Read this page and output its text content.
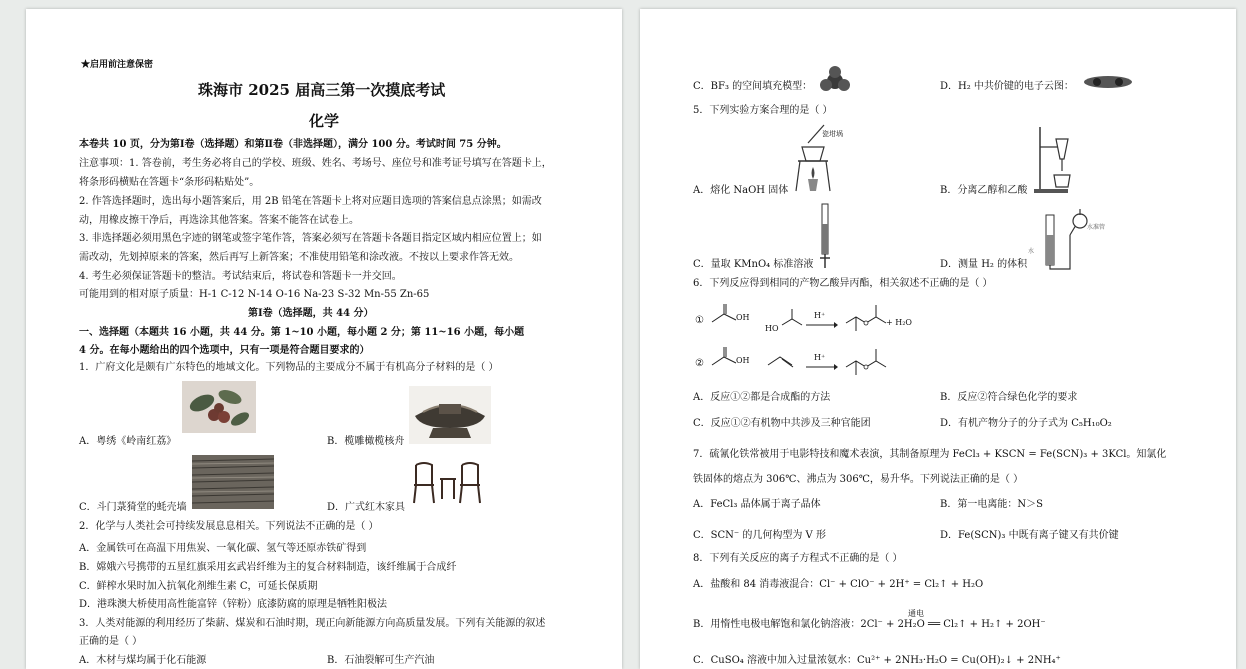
★启用前注意保密
珠海市 2025 届高三第一次摸底考试
化学
本卷共 10 页，分为第Ⅰ卷（选择题）和第Ⅱ卷（非选择题），满分 100 分。考试时间 75 分钟。
注意事项：1. 答卷前，考生务必将自己的学校、班级、姓名、考场号、座位号和准考证号填写在答题卡上，
将条形码横贴在答题卡“条形码粘贴处”。
2. 作答选择题时，选出每小题答案后，用 2B 铅笔在答题卡上将对应题目选项的答案信息点涂黑；如需改
动，用橡皮擦干净后，再选涂其他答案。答案不能答在试卷上。
3. 非选择题必须用黑色字迹的钢笔或签字笔作答，答案必须写在答题卡各题目指定区域内相应位置上；如
需改动，先划掉原来的答案，然后再写上新答案；不准使用铅笔和涂改液。不按以上要求作答无效。
4. 考生必须保证答题卡的整洁。考试结束后，将试卷和答题卡一并交回。
可能用到的相对原子质量：H-1 C-12 N-14 O-16 Na-23 S-32 Mn-55 Zn-65
第Ⅰ卷（选择题，共 44 分）
一、选择题（本题共 16 小题，共 44 分。第 1~10 小题，每小题 2 分；第 11~16 小题，每小题
4 分。在每小题给出的四个选项中，只有一项是符合题目要求的）
1．广府文化是颇有广东特色的地域文化。下列物品的主要成分不属于有机高分子材料的是（ ）
A．粤绣《岭南红荔》	B．榄雕橄榄核舟
C．斗门菉猗堂的蚝壳墙	D．广式红木家具
2．化学与人类社会可持续发展息息相关。下列说法不正确的是（ ）
A．金属铁可在高温下用焦炭、一氧化碳、氢气等还原赤铁矿得到
B．嫦娥六号携带的五星红旗采用玄武岩纤维为主的复合材料制造，该纤维属于合成纤
C．鲜榨水果时加入抗氧化剂维生素 C，可延长保质期
D．港珠澳大桥使用高性能富锌（锌粉）底漆防腐的原理是牺牲阳极法
3．人类对能源的利用经历了柴薪、煤炭和石油时期，现正向新能源方向高质量发展。下列有关能源的叙述
正确的是（ ）
A．木材与煤均属于化石能源	B．石油裂解可生产汽油
C．BF₃ 的空间填充模型：	D．H₂ 中共价键的电子云图：
5．下列实验方案合理的是（ ）
瓷坩埚
A．熔化 NaOH 固体	B．分离乙醇和乙酸
C．量取 KMnO₄ 标准溶液
水
水准管
D．测量 H₂ 的体积
6．下列反应得到相同的产物乙酸异丙酯，相关叙述不正确的是（ ）
①	OH
HO
H⁺
+ H₂O
②	OH	H⁺
A．反应①②都是合成酯的方法	B．反应②符合绿色化学的要求
C．反应①②有机物中共涉及三种官能团	D．有机产物分子的分子式为 C₅H₁₀O₂
7．硫氰化铁常被用于电影特技和魔术表演，其制备原理为 FeCl₃ + KSCN = Fe(SCN)₃ + 3KCl。知氯化
铁固体的熔点为 306℃、沸点为 306℃，易升华。下列说法正确的是（ ）
A．FeCl₃ 晶体属于离子晶体	B．第一电离能：N＞S
C．SCN⁻ 的几何构型为 V 形	D．Fe(SCN)₃ 中既有离子键又有共价键
8．下列有关反应的离子方程式不正确的是（ ）
A．盐酸和 84 消毒液混合：Cl⁻ + ClO⁻ + 2H⁺ = Cl₂↑ + H₂O
通电
B．用惰性电极电解饱和氯化钠溶液：2Cl⁻ + 2H₂O ══ Cl₂↑ + H₂↑ + 2OH⁻
C．CuSO₄ 溶液中加入过量浓氨水：Cu²⁺ + 2NH₃·H₂O = Cu(OH)₂↓ + 2NH₄⁺
